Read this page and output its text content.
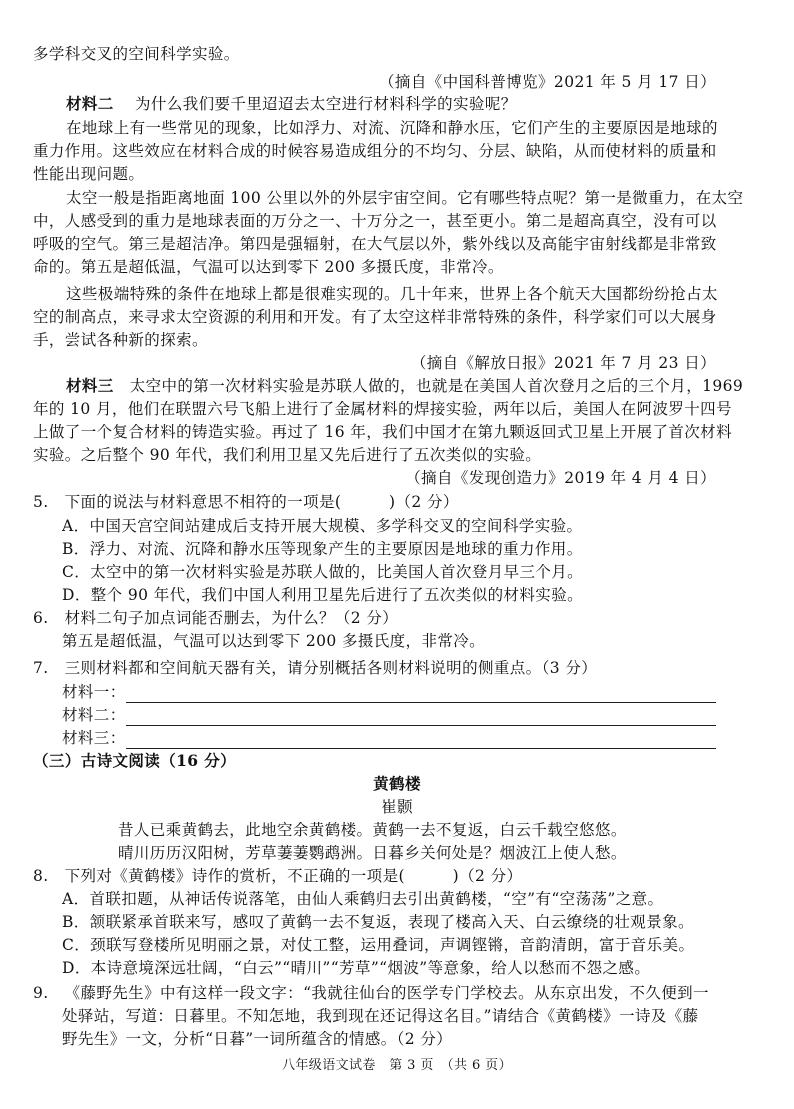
多学科交叉的空间科学实验。
（摘自《中国科普博览》2021 年 5 月 17 日）
材料二 为什么我们要千里迢迢去太空进行材料科学的实验呢？
在地球上有一些常见的现象，比如浮力、对流、沉降和静水压，它们产生的主要原因是地球的
重力作用。这些效应在材料合成的时候容易造成组分的不均匀、分层、缺陷，从而使材料的质量和
性能出现问题。
太空一般是指距离地面 100 公里以外的外层宇宙空间。它有哪些特点呢？第一是微重力，在太空
中，人感受到的重力是地球表面的万分之一、十万分之一，甚至更小。第二是超高真空，没有可以
呼吸的空气。第三是超洁净。第四是强辐射，在大气层以外，紫外线以及高能宇宙射线都是非常致
命的。第五是超低温，气温可以达到零下 200 多摄氏度，非常冷。
这些极端特殊的条件在地球上都是很难实现的。几十年来，世界上各个航天大国都纷纷抢占太
空的制高点，来寻求太空资源的利用和开发。有了太空这样非常特殊的条件，科学家们可以大展身
手，尝试各种新的探索。
（摘自《解放日报》2021 年 7 月 23 日）
材料三 太空中的第一次材料实验是苏联人做的，也就是在美国人首次登月之后的三个月，1969
年的 10 月，他们在联盟六号飞船上进行了金属材料的焊接实验，两年以后，美国人在阿波罗十四号
上做了一个复合材料的铸造实验。再过了 16 年，我们中国才在第九颗返回式卫星上开展了首次材料
实验。之后整个 90 年代，我们利用卫星又先后进行了五次类似的实验。
（摘自《发现创造力》2019 年 4 月 4 日）
5. 下面的说法与材料意思不相符的一项是(　　　)（2 分）
A．中国天宫空间站建成后支持开展大规模、多学科交叉的空间科学实验。
B．浮力、对流、沉降和静水压等现象产生的主要原因是地球的重力作用。
C．太空中的第一次材料实验是苏联人做的，比美国人首次登月早三个月。
D．整个 90 年代，我们中国人利用卫星先后进行了五次类似的材料实验。
6. 材料二句子加点词能否删去，为什么？（2 分）
第五是超低温，气温可以达到零下 200 多摄氏度，非常冷。
7. 三则材料都和空间航天器有关，请分别概括各则材料说明的侧重点。（3 分）
材料一：
材料二：
材料三：
（三）古诗文阅读（16 分）
黄鹤楼
崔颢
昔人已乘黄鹤去，此地空余黄鹤楼。黄鹤一去不复返，白云千载空悠悠。
晴川历历汉阳树，芳草萋萋鹦鹉洲。日暮乡关何处是？烟波江上使人愁。
8. 下列对《黄鹤楼》诗作的赏析，不正确的一项是(　　　)（2 分）
A．首联扣题，从神话传说落笔，由仙人乘鹤归去引出黄鹤楼，“空”有“空荡荡”之意。
B．颔联紧承首联来写，感叹了黄鹤一去不复返，表现了楼高入天、白云缭绕的壮观景象。
C．颈联写登楼所见明丽之景，对仗工整，运用叠词，声调铿锵，音韵清朗，富于音乐美。
D．本诗意境深远壮阔，“白云”“晴川”“芳草”“烟波”等意象，给人以愁而不怨之感。
9. 《藤野先生》中有这样一段文字：“我就往仙台的医学专门学校去。从东京出发，不久便到一
处驿站，写道：日暮里。不知怎地，我到现在还记得这名目。”请结合《黄鹤楼》一诗及《藤
野先生》一文，分析“日暮”一词所蕴含的情感。（2 分）
八年级语文试卷　第 3 页　（共 6 页）
